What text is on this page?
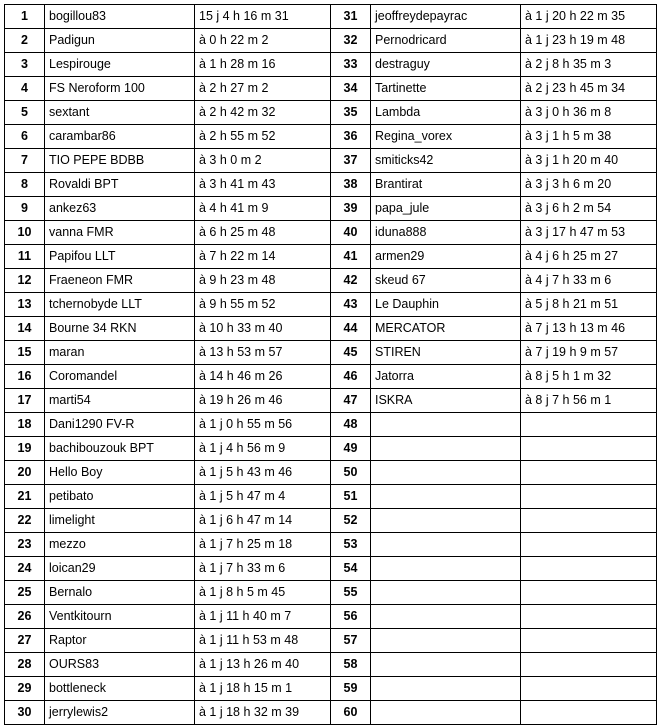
1	bogillou83	15 j 4 h 16 m 31	31	jeoffreydepayrac	à 1 j 20 h 22 m 35
2	Padigun	à 0 h 22 m 2	32	Pernodricard	à 1 j 23 h 19 m 48
3	Lespirouge	à 1 h 28 m 16	33	destraguy	à 2 j 8 h 35 m 3
4	FS Neroform 100	à 2 h 27 m 2	34	Tartinette	à 2 j 23 h 45 m 34
5	sextant	à 2 h 42 m 32	35	Lambda	à 3 j 0 h 36 m 8
6	carambar86	à 2 h 55 m 52	36	Regina_vorex	à 3 j 1 h 5 m 38
7	TIO PEPE BDBB	à 3 h 0 m 2	37	smiticks42	à 3 j 1 h 20 m 40
8	Rovaldi BPT	à 3 h 41 m 43	38	Brantirat	à 3 j 3 h 6 m 20
9	ankez63	à 4 h 41 m 9	39	papa_jule	à 3 j 6 h 2 m 54
10	vanna FMR	à 6 h 25 m 48	40	iduna888	à 3 j 17 h 47 m 53
11	Papifou LLT	à 7 h 22 m 14	41	armen29	à 4 j 6 h 25 m 27
12	Fraeneon FMR	à 9 h 23 m 48	42	skeud 67	à 4 j 7 h 33 m 6
13	tchernobyde LLT	à 9 h 55 m 52	43	Le Dauphin	à 5 j 8 h 21 m 51
14	Bourne 34 RKN	à 10 h 33 m 40	44	MERCATOR	à 7 j 13 h 13 m 46
15	maran	à 13 h 53 m 57	45	STIREN	à 7 j 19 h 9 m 57
16	Coromandel	à 14 h 46 m 26	46	Jatorra	à 8 j 5 h 1 m 32
17	marti54	à 19 h 26 m 46	47	ISKRA	à 8 j 7 h 56 m 1
18	Dani1290 FV-R	à 1 j 0 h 55 m 56	48		
19	bachibouzouk BPT	à 1 j 4 h 56 m 9	49		
20	Hello Boy	à 1 j 5 h 43 m 46	50		
21	petibato	à 1 j 5 h 47 m 4	51		
22	limelight	à 1 j 6 h 47 m 14	52		
23	mezzo	à 1 j 7 h 25 m 18	53		
24	loican29	à 1 j 7 h 33 m 6	54		
25	Bernalo	à 1 j 8 h 5 m 45	55		
26	Ventkitourn	à 1 j 11 h 40 m 7	56		
27	Raptor	à 1 j 11 h 53 m 48	57		
28	OURS83	à 1 j 13 h 26 m 40	58		
29	bottleneck	à 1 j 18 h 15 m 1	59		
30	jerrylewis2	à 1 j 18 h 32 m 39	60		
